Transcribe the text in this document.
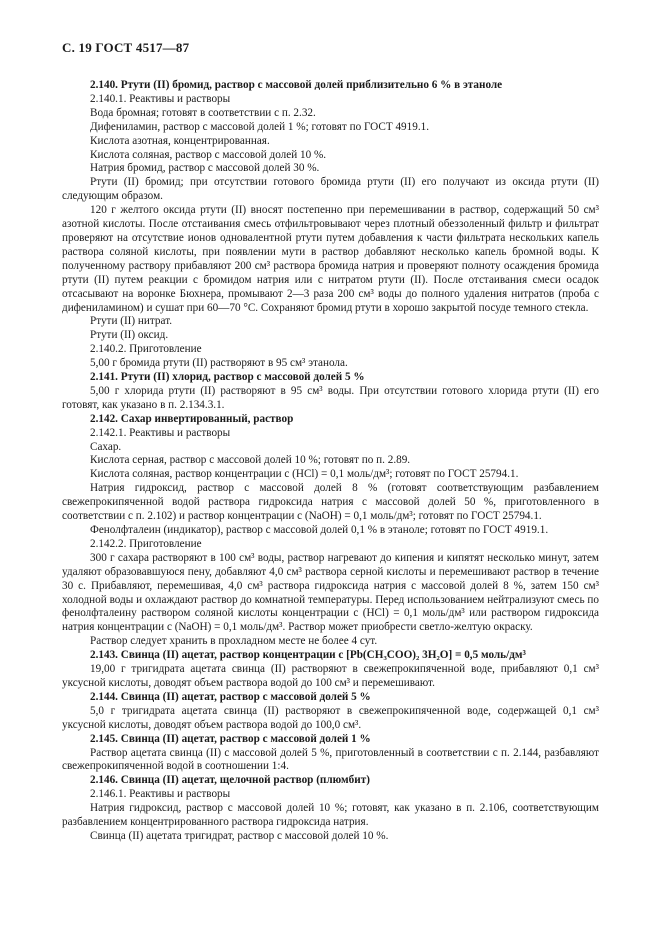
С. 19 ГОСТ 4517—87

2.140. Ртути (II) бромид, раствор с массовой долей приблизительно 6 % в этаноле

2.140.1. Реактивы и растворы

Вода бромная; готовят в соответствии с п. 2.32.

Дифениламин, раствор с массовой долей 1 %; готовят по ГОСТ 4919.1.

Кислота азотная, концентрированная.

Кислота соляная, раствор с массовой долей 10 %.

Натрия бромид, раствор с массовой долей 30 %.

Ртути (II) бромид; при отсутствии готового бромида ртути (II) его получают из оксида ртути (II) следующим образом.

120 г желтого оксида ртути (II) вносят постепенно при перемешивании в раствор, содержащий 50 см³ азотной кислоты. После отстаивания смесь отфильтровывают через плотный обеззоленный фильтр и фильтрат проверяют на отсутствие ионов одновалентной ртути путем добавления к части фильтрата нескольких капель раствора соляной кислоты, при появлении мути в раствор добавляют несколько капель бромной воды. К полученному раствору прибавляют 200 см³ раствора бромида натрия и проверяют полноту осаждения бромида ртути (II) путем реакции с бромидом натрия или с нитратом ртути (II). После отстаивания смеси осадок отсасывают на воронке Бюхнера, промывают 2—3 раза 200 см³ воды до полного удаления нитратов (проба с дифениламином) и сушат при 60—70 °С. Сохраняют бромид ртути в хорошо закрытой посуде темного стекла.

Ртути (II) нитрат.

Ртути (II) оксид.

2.140.2. Приготовление

5,00 г бромида ртути (II) растворяют в 95 см³ этанола.

2.141. Ртути (II) хлорид, раствор с массовой долей 5 %

5,00 г хлорида ртути (II) растворяют в 95 см³ воды. При отсутствии готового хлорида ртути (II) его готовят, как указано в п. 2.134.3.1.

2.142. Сахар инвертированный, раствор

2.142.1. Реактивы и растворы

Сахар.

Кислота серная, раствор с массовой долей 10 %; готовят по п. 2.89.

Кислота соляная, раствор концентрации c (HCl) = 0,1 моль/дм³; готовят по ГОСТ 25794.1.

Натрия гидроксид, раствор с массовой долей 8 % (готовят соответствующим разбавлением свежепрокипяченной водой раствора гидроксида натрия с массовой долей 50 %, приготовленного в соответствии с п. 2.102) и раствор концентрации c (NaOH) = 0,1 моль/дм³; готовят по ГОСТ 25794.1.

Фенолфталеин (индикатор), раствор с массовой долей 0,1 % в этаноле; готовят по ГОСТ 4919.1.

2.142.2. Приготовление

300 г сахара растворяют в 100 см³ воды, раствор нагревают до кипения и кипятят несколько минут, затем удаляют образовавшуюся пену, добавляют 4,0 см³ раствора серной кислоты и перемешивают раствор в течение 30 с. Прибавляют, перемешивая, 4,0 см³ раствора гидроксида натрия с массовой долей 8 %, затем 150 см³ холодной воды и охлаждают раствор до комнатной температуры. Перед использованием нейтрализуют смесь по фенолфталеину раствором соляной кислоты концентрации c (HCl) = 0,1 моль/дм³ или раствором гидроксида натрия концентрации c (NaOH) = 0,1 моль/дм³. Раствор может приобрести светло-желтую окраску.

Раствор следует хранить в прохладном месте не более 4 сут.

2.143. Свинца (II) ацетат, раствор концентрации c [Pb(CH₃COO)₂ 3H₂O] = 0,5 моль/дм³

19,00 г тригидрата ацетата свинца (II) растворяют в свежепрокипяченной воде, прибавляют 0,1 см³ уксусной кислоты, доводят объем раствора водой до 100 см³ и перемешивают.

2.144. Свинца (II) ацетат, раствор с массовой долей 5 %

5,0 г тригидрата ацетата свинца (II) растворяют в свежепрокипяченной воде, содержащей 0,1 см³ уксусной кислоты, доводят объем раствора водой до 100,0 см³.

2.145. Свинца (II) ацетат, раствор с массовой долей 1 %

Раствор ацетата свинца (II) с массовой долей 5 %, приготовленный в соответствии с п. 2.144, разбавляют свежепрокипяченной водой в соотношении 1:4.

2.146. Свинца (II) ацетат, щелочной раствор (плюмбит)

2.146.1. Реактивы и растворы

Натрия гидроксид, раствор с массовой долей 10 %; готовят, как указано в п. 2.106, соответствующим разбавлением концентрированного раствора гидроксида натрия.

Свинца (II) ацетата тригидрат, раствор с массовой долей 10 %.
